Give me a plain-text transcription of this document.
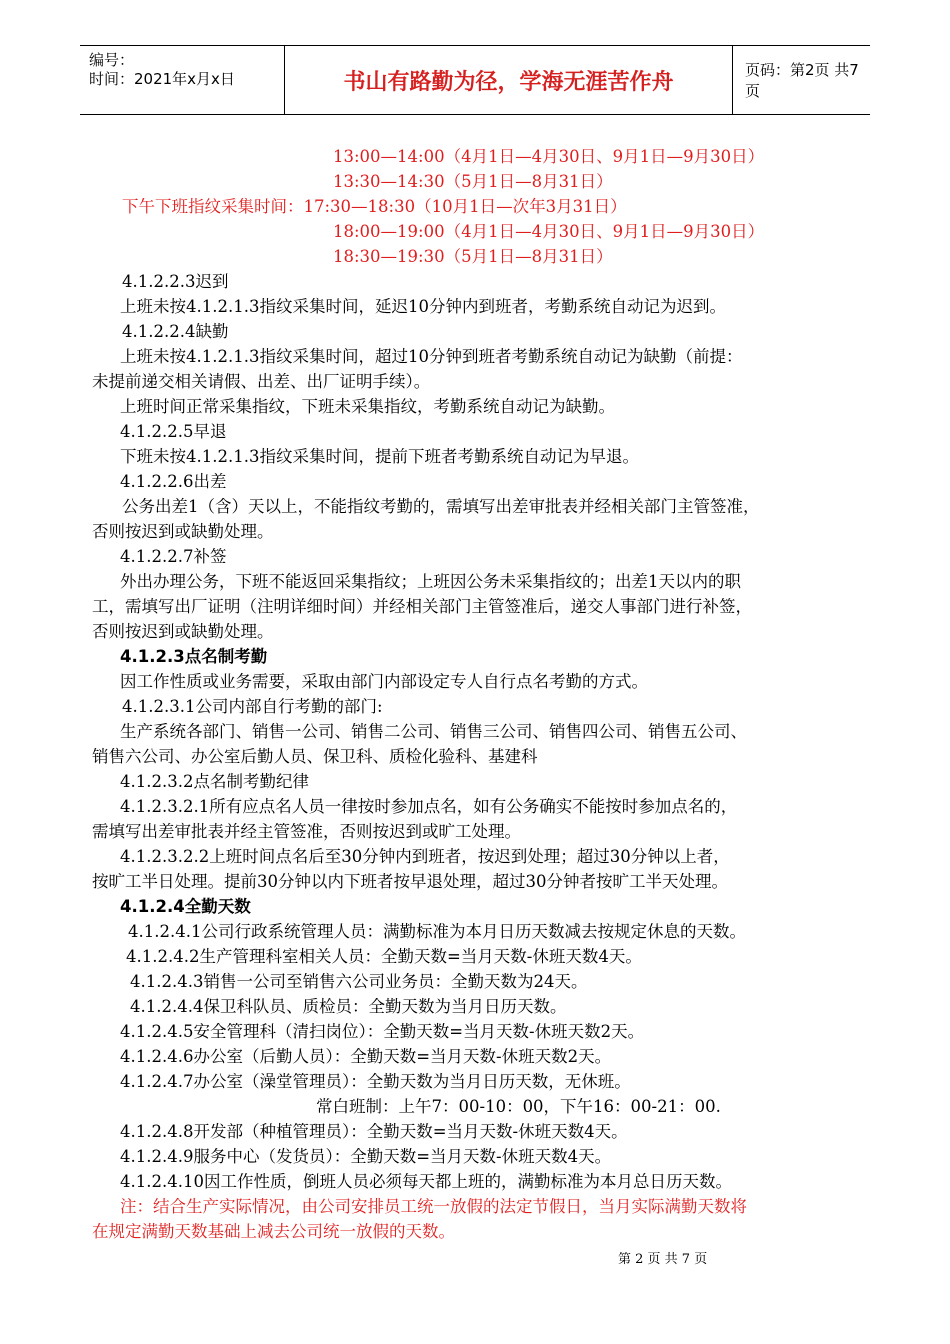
编号：
时间：2021年x月x日	书山有路勤为径，学海无涯苦作舟	页码：第2页 共7页
13:00—14:00（4月1日—4月30日、9月1日—9月30日）
13:30—14:30（5月1日—8月31日）
下午下班指纹采集时间：17:30—18:30（10月1日—次年3月31日）
18:00—19:00（4月1日—4月30日、9月1日—9月30日）
18:30—19:30（5月1日—8月31日）
4.1.2.2.3迟到
上班未按4.1.2.1.3指纹采集时间，延迟10分钟内到班者，考勤系统自动记为迟到。
4.1.2.2.4缺勤
上班未按4.1.2.1.3指纹采集时间，超过10分钟到班者考勤系统自动记为缺勤（前提：
未提前递交相关请假、出差、出厂证明手续）。
上班时间正常采集指纹，下班未采集指纹，考勤系统自动记为缺勤。
4.1.2.2.5早退
下班未按4.1.2.1.3指纹采集时间，提前下班者考勤系统自动记为早退。
4.1.2.2.6出差
公务出差1（含）天以上，不能指纹考勤的，需填写出差审批表并经相关部门主管签准，
否则按迟到或缺勤处理。
4.1.2.2.7补签
外出办理公务，下班不能返回采集指纹；上班因公务未采集指纹的；出差1天以内的职
工，需填写出厂证明（注明详细时间）并经相关部门主管签准后，递交人事部门进行补签，
否则按迟到或缺勤处理。
4.1.2.3点名制考勤
因工作性质或业务需要，采取由部门内部设定专人自行点名考勤的方式。
4.1.2.3.1公司内部自行考勤的部门:
生产系统各部门、销售一公司、销售二公司、销售三公司、销售四公司、销售五公司、
销售六公司、办公室后勤人员、保卫科、质检化验科、基建科
4.1.2.3.2点名制考勤纪律
4.1.2.3.2.1所有应点名人员一律按时参加点名，如有公务确实不能按时参加点名的，
需填写出差审批表并经主管签准，否则按迟到或旷工处理。
4.1.2.3.2.2上班时间点名后至30分钟内到班者，按迟到处理；超过30分钟以上者，
按旷工半日处理。提前30分钟以内下班者按早退处理，超过30分钟者按旷工半天处理。
4.1.2.4全勤天数
4.1.2.4.1公司行政系统管理人员：满勤标准为本月日历天数减去按规定休息的天数。
4.1.2.4.2生产管理科室相关人员：全勤天数=当月天数-休班天数4天。
4.1.2.4.3销售一公司至销售六公司业务员：全勤天数为24天。
4.1.2.4.4保卫科队员、质检员：全勤天数为当月日历天数。
4.1.2.4.5安全管理科（清扫岗位）：全勤天数=当月天数-休班天数2天。
4.1.2.4.6办公室（后勤人员）：全勤天数=当月天数-休班天数2天。
4.1.2.4.7办公室（澡堂管理员）：全勤天数为当月日历天数，无休班。
常白班制：上午7：00-10：00，下午16：00-21：00.
4.1.2.4.8开发部（种植管理员）：全勤天数=当月天数-休班天数4天。
4.1.2.4.9服务中心（发货员）：全勤天数=当月天数-休班天数4天。
4.1.2.4.10因工作性质，倒班人员必须每天都上班的，满勤标准为本月总日历天数。
注：结合生产实际情况，由公司安排员工统一放假的法定节假日，当月实际满勤天数将
在规定满勤天数基础上减去公司统一放假的天数。
第 2 页 共 7 页
